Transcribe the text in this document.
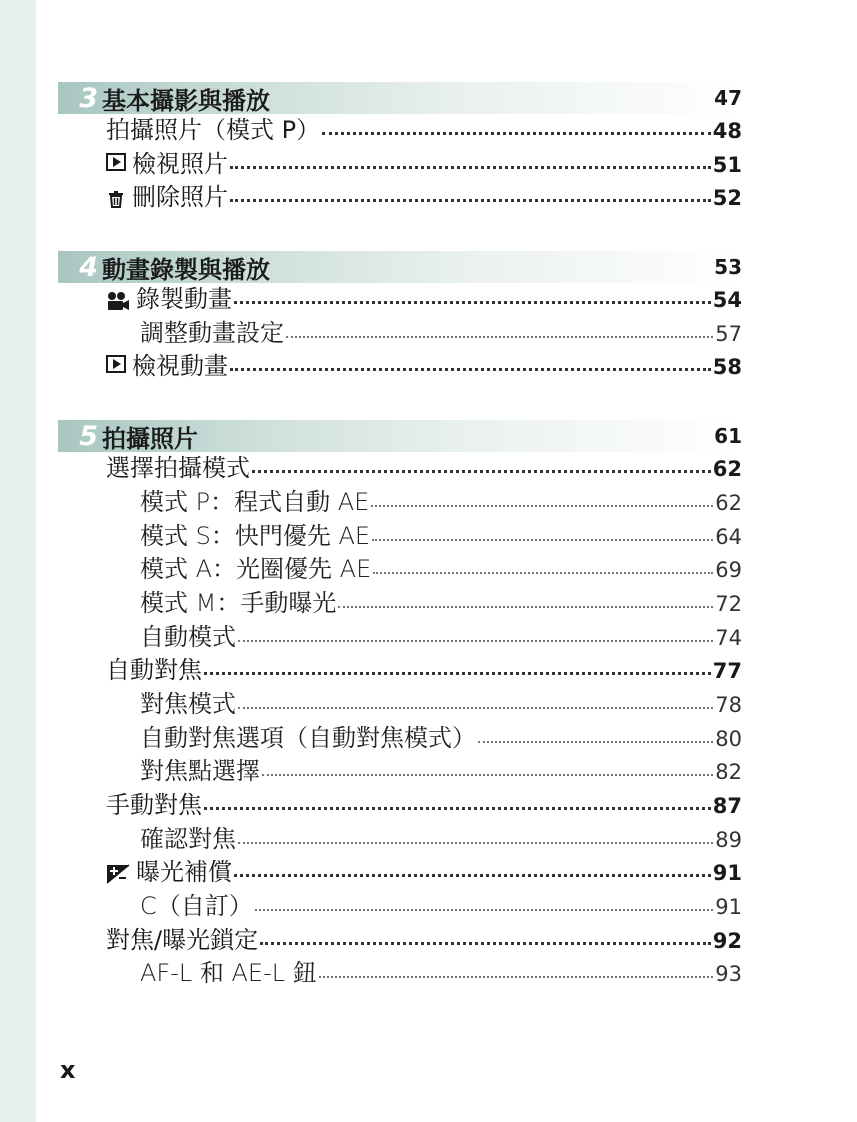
3 基本攝影與播放	47
拍攝照片（模式 P）	48
檢視照片	51
刪除照片	52
4 動畫錄製與播放	53
錄製動畫	54
調整動畫設定	57
檢視動畫	58
5 拍攝照片	61
選擇拍攝模式	62
模式 P：程式自動 AE	62
模式 S：快門優先 AE	64
模式 A：光圈優先 AE	69
模式 M：手動曝光	72
自動模式	74
自動對焦	77
對焦模式	78
自動對焦選項（自動對焦模式）	80
對焦點選擇	82
手動對焦	87
確認對焦	89
曝光補償	91
C（自訂）	91
對焦/曝光鎖定	92
AF-L 和 AE-L 鈕	93
x
